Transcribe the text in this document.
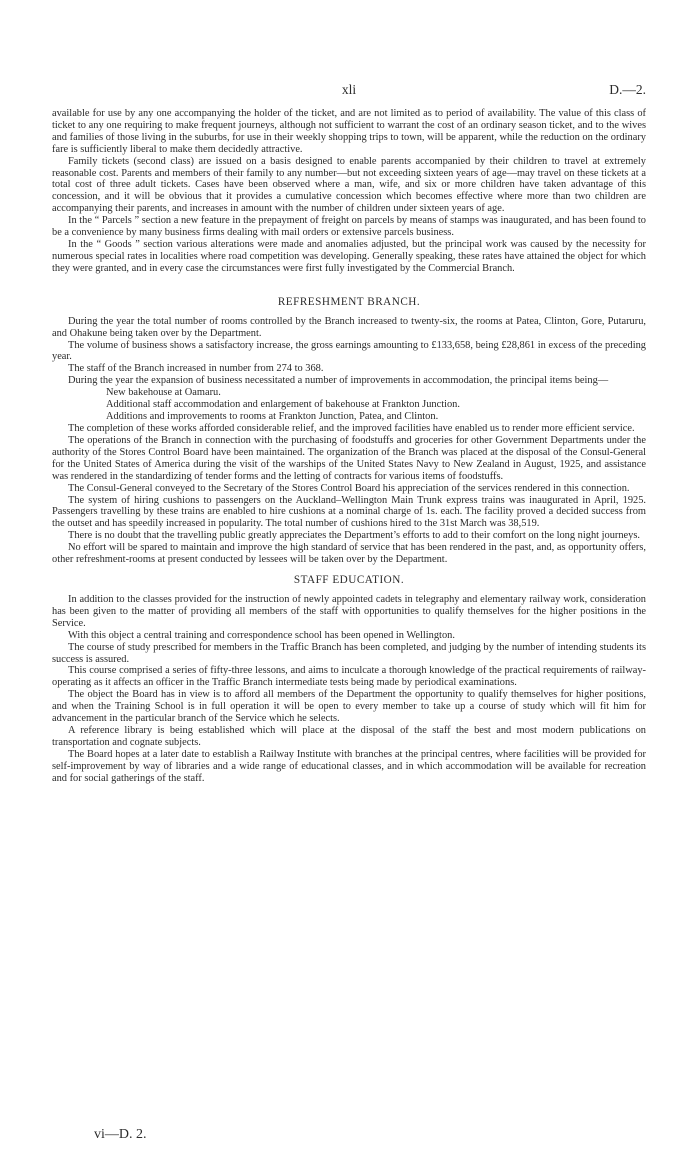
xli	D.—2.

available for use by any one accompanying the holder of the ticket, and are not limited as to period of availability. The value of this class of ticket to any one requiring to make frequent journeys, although not sufficient to warrant the cost of an ordinary season ticket, and to the wives and families of those living in the suburbs, for use in their weekly shopping trips to town, will be apparent, while the reduction on the ordinary fare is sufficiently liberal to make them decidedly attractive.

Family tickets (second class) are issued on a basis designed to enable parents accompanied by their children to travel at extremely reasonable cost. Parents and members of their family to any number—but not exceeding sixteen years of age—may travel on these tickets at a total cost of three adult tickets. Cases have been observed where a man, wife, and six or more children have taken advantage of this concession, and it will be obvious that it provides a cumulative concession which becomes effective where more than two children are accompanying their parents, and increases in amount with the number of children under sixteen years of age.

In the “ Parcels ” section a new feature in the prepayment of freight on parcels by means of stamps was inaugurated, and has been found to be a convenience by many business firms dealing with mail orders or extensive parcels business.

In the “ Goods ” section various alterations were made and anomalies adjusted, but the principal work was caused by the necessity for numerous special rates in localities where road competition was developing. Generally speaking, these rates have attained the object for which they were granted, and in every case the circumstances were first fully investigated by the Commercial Branch.

REFRESHMENT BRANCH.

During the year the total number of rooms controlled by the Branch increased to twenty-six, the rooms at Patea, Clinton, Gore, Putaruru, and Ohakune being taken over by the Department.

The volume of business shows a satisfactory increase, the gross earnings amounting to £133,658, being £28,861 in excess of the preceding year.

The staff of the Branch increased in number from 274 to 368.

During the year the expansion of business necessitated a number of improvements in accommodation, the principal items being—

New bakehouse at Oamaru.
Additional staff accommodation and enlargement of bakehouse at Frankton Junction.
Additions and improvements to rooms at Frankton Junction, Patea, and Clinton.

The completion of these works afforded considerable relief, and the improved facilities have enabled us to render more efficient service.

The operations of the Branch in connection with the purchasing of foodstuffs and groceries for other Government Departments under the authority of the Stores Control Board have been maintained. The organization of the Branch was placed at the disposal of the Consul-General for the United States of America during the visit of the warships of the United States Navy to New Zealand in August, 1925, and assistance was rendered in the standardizing of tender forms and the letting of contracts for various items of foodstuffs.

The Consul-General conveyed to the Secretary of the Stores Control Board his appreciation of the services rendered in this connection.

The system of hiring cushions to passengers on the Auckland–Wellington Main Trunk express trains was inaugurated in April, 1925. Passengers travelling by these trains are enabled to hire cushions at a nominal charge of 1s. each. The facility proved a decided success from the outset and has speedily increased in popularity. The total number of cushions hired to the 31st March was 38,519.

There is no doubt that the travelling public greatly appreciates the Department’s efforts to add to their comfort on the long night journeys.

No effort will be spared to maintain and improve the high standard of service that has been rendered in the past, and, as opportunity offers, other refreshment-rooms at present conducted by lessees will be taken over by the Department.

STAFF EDUCATION.

In addition to the classes provided for the instruction of newly appointed cadets in telegraphy and elementary railway work, consideration has been given to the matter of providing all members of the staff with opportunities to qualify themselves for the higher positions in the Service.

With this object a central training and correspondence school has been opened in Wellington.

The course of study prescribed for members in the Traffic Branch has been completed, and judging by the number of intending students its success is assured.

This course comprised a series of fifty-three lessons, and aims to inculcate a thorough knowledge of the practical requirements of railway-operating as it affects an officer in the Traffic Branch intermediate tests being made by periodical examinations.

The object the Board has in view is to afford all members of the Department the opportunity to qualify themselves for higher positions, and when the Training School is in full operation it will be open to every member to take up a course of study which will fit him for advancement in the particular branch of the Service which he selects.

A reference library is being established which will place at the disposal of the staff the best and most modern publications on transportation and cognate subjects.

The Board hopes at a later date to establish a Railway Institute with branches at the principal centres, where facilities will be provided for self-improvement by way of libraries and a wide range of educational classes, and in which accommodation will be available for recreation and for social gatherings of the staff.

vi—D. 2.
